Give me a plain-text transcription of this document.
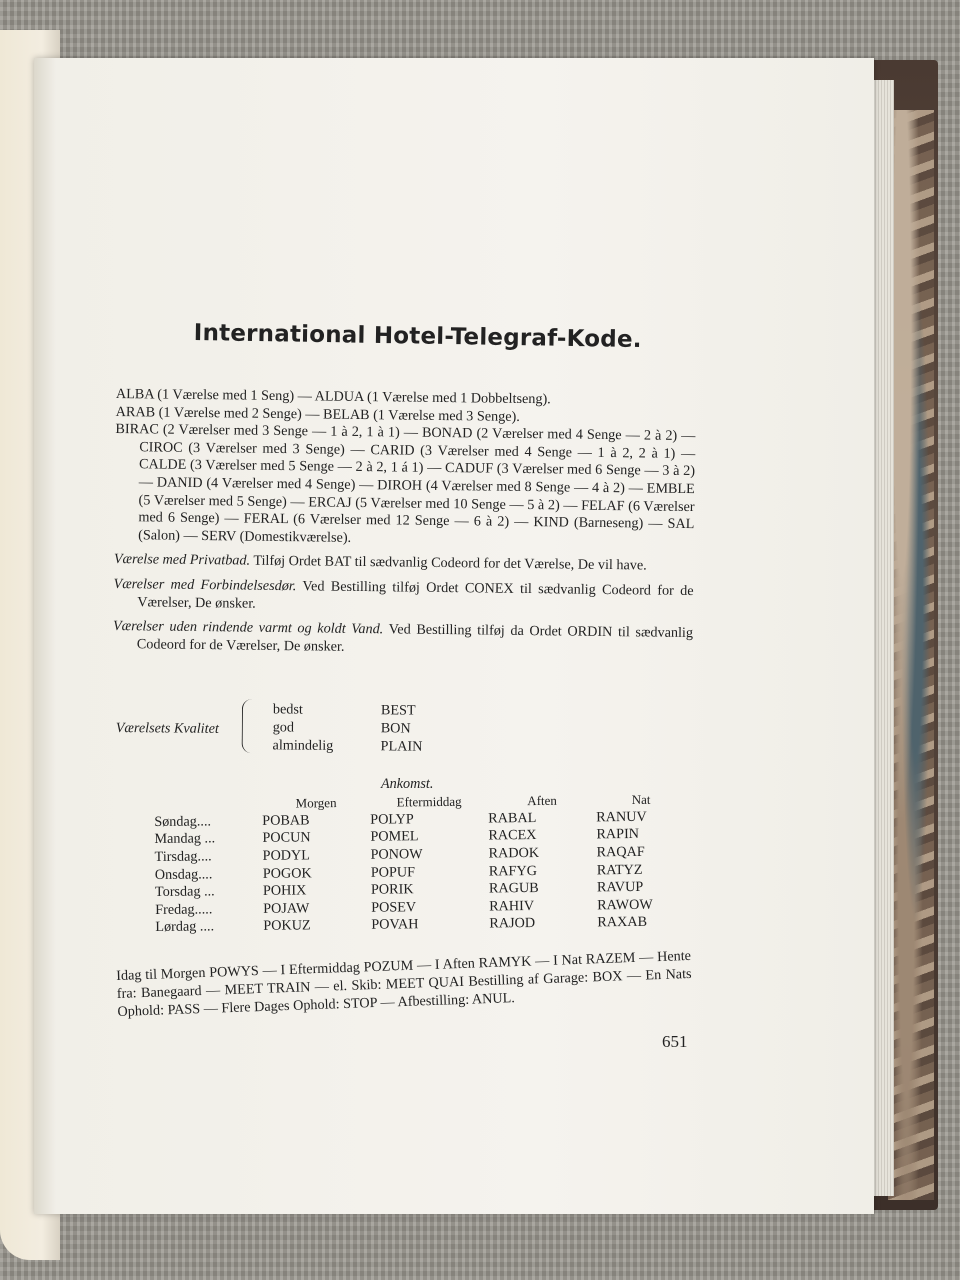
International Hotel-Telegraf-Kode.

ALBA (1 Værelse med 1 Seng) — ALDUA (1 Værelse med 1 Dobbeltseng).

ARAB (1 Værelse med 2 Senge) — BELAB (1 Værelse med 3 Senge).

BIRAC (2 Værelser med 3 Senge — 1 à 2, 1 à 1) — BONAD (2 Værelser med 4 Senge — 2 à 2) — CIROC (3 Værelser med 3 Senge) — CARID (3 Værelser med 4 Senge — 1 à 2, 2 à 1) — CALDE (3 Værelser med 5 Senge — 2 à 2, 1 á 1) — CADUF (3 Værelser med 6 Senge — 3 à 2) — DANID (4 Værelser med 4 Senge) — DIROH (4 Værelser med 8 Senge — 4 à 2) — EMBLE (5 Værelser med 5 Senge) — ERCAJ (5 Værelser med 10 Senge — 5 à 2) — FELAF (6 Værelser med 6 Senge) — FERAL (6 Værelser med 12 Senge — 6 à 2) — KIND (Barneseng) — SAL (Salon) — SERV (Domestikværelse).

Værelse med Privatbad. Tilføj Ordet BAT til sædvanlig Codeord for det Værelse, De vil have.

Værelser med Forbindelsesdør. Ved Bestilling tilføj Ordet CONEX til sædvanlig Codeord for de Værelser, De ønsker.

Værelser uden rindende varmt og koldt Vand. Ved Bestilling tilføj da Ordet ORDIN til sædvanlig Codeord for de Værelser, De ønsker.

Værelsets Kvalitet
bedst	BEST
god	BON
almindelig	PLAIN
Ankomst.
	Morgen	Eftermiddag	Aften	Nat
Søndag....	POBAB	POLYP	RABAL	RANUV
Mandag ...	POCUN	POMEL	RACEX	RAPIN
Tirsdag....	PODYL	PONOW	RADOK	RAQAF
Onsdag....	POGOK	POPUF	RAFYG	RATYZ
Torsdag ...	POHIX	PORIK	RAGUB	RAVUP
Fredag.....	POJAW	POSEV	RAHIV	RAWOW
Lørdag ....	POKUZ	POVAH	RAJOD	RAXAB

Idag til Morgen POWYS — I Eftermiddag POZUM — I Aften RAMYK — I Nat RAZEM — Hente fra: Banegaard — MEET TRAIN — el. Skib: MEET QUAI Bestilling af Garage: BOX — En Nats Ophold: PASS — Flere Dages Ophold: STOP — Afbestilling: ANUL.

651
